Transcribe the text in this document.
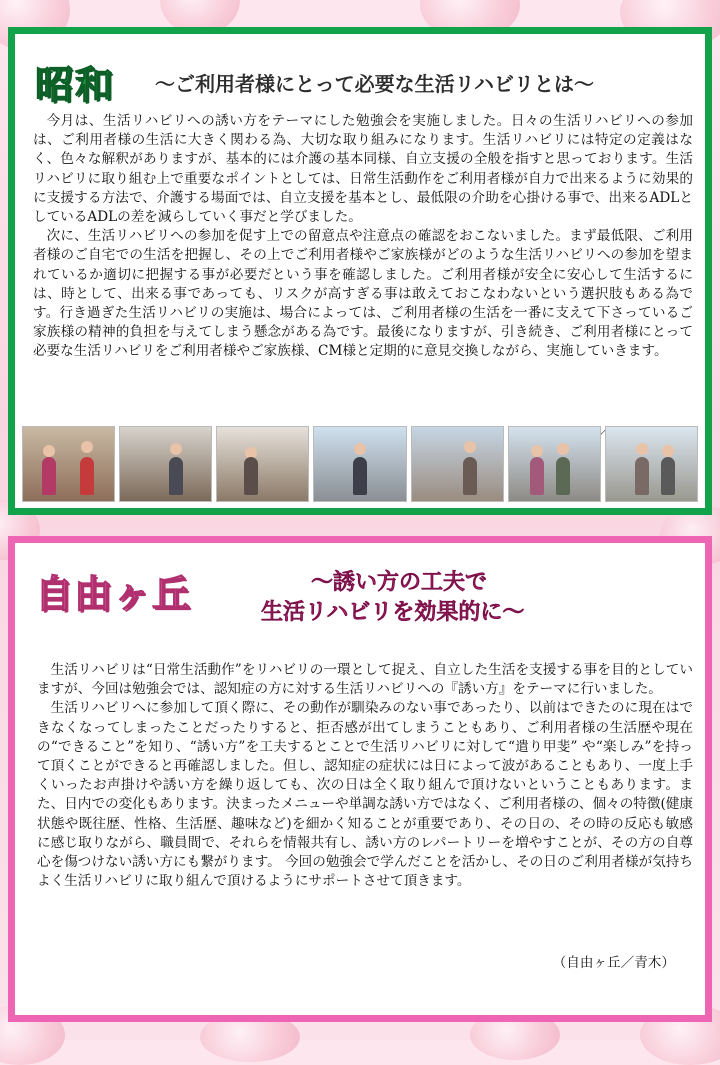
昭和 ～ご利用者様にとって必要な生活リハビリとは～

今月は、生活リハビリへの誘い方をテーマにした勉強会を実施しました。日々の生活リハビリへの参加は、ご利用者様の生活に大きく関わる為、大切な取り組みになります。生活リハビリには特定の定義はなく、色々な解釈がありますが、基本的には介護の基本同様、自立支援の全般を指すと思っております。生活リハビリに取り組む上で重要なポイントとしては、日常生活動作をご利用者様が自力で出来るように効果的に支援する方法で、介護する場面では、自立支援を基本とし、最低限の介助を心掛ける事で、出来るADLとしているADLの差を減らしていく事だと学びました。

次に、生活リハビリへの参加を促す上での留意点や注意点の確認をおこないました。まず最低限、ご利用者様のご自宅での生活を把握し、その上でご利用者様やご家族様がどのような生活リハビリへの参加を望まれているか適切に把握する事が必要だという事を確認しました。ご利用者様が安全に安心して生活するには、時として、出来る事であっても、リスクが高すぎる事は敢えておこなわないという選択肢もある為です。行き過ぎた生活リハビリの実施は、場合によっては、ご利用者様の生活を一番に支えて下さっているご家族様の精神的負担を与えてしまう懸念がある為です。最後になりますが、引き続き、ご利用者様にとって必要な生活リハビリをご利用者様やご家族様、CM様と定期的に意見交換しながら、実施していきます。

自由ヶ丘	～誘い方の工夫で
生活リハビリを効果的に～

生活リハビリは“日常生活動作”をリハビリの一環として捉え、自立した生活を支援する事を目的としていますが、今回は勉強会では、認知症の方に対する生活リハビリへの『誘い方』をテーマに行いました。

生活リハビリへに参加して頂く際に、その動作が馴染みのない事であったり、以前はできたのに現在はできなくなってしまったことだったりすると、拒否感が出てしまうこともあり、ご利用者様の生活歴や現在の“できること”を知り、“誘い方”を工夫するとことで生活リハビリに対して“遣り甲斐” や“楽しみ”を持って頂くことができると再確認しました。但し、認知症の症状には日によって波があることもあり、一度上手くいったお声掛けや誘い方を繰り返しても、次の日は全く取り組んで頂けないということもあります。また、日内での変化もあります。決まったメニューや単調な誘い方ではなく、ご利用者様の、個々の特徴(健康状態や既往歴、性格、生活歴、趣味など)を細かく知ることが重要であり、その日の、その時の反応も敏感に感じ取りながら、職員間で、それらを情報共有し、誘い方のレパートリーを増やすことが、その方の自尊心を傷つけない誘い方にも繋がります。 今回の勉強会で学んだことを活かし、その日のご利用者様が気持ちよく生活リハビリに取り組んで頂けるようにサポートさせて頂きます。

（自由ヶ丘／青木）
